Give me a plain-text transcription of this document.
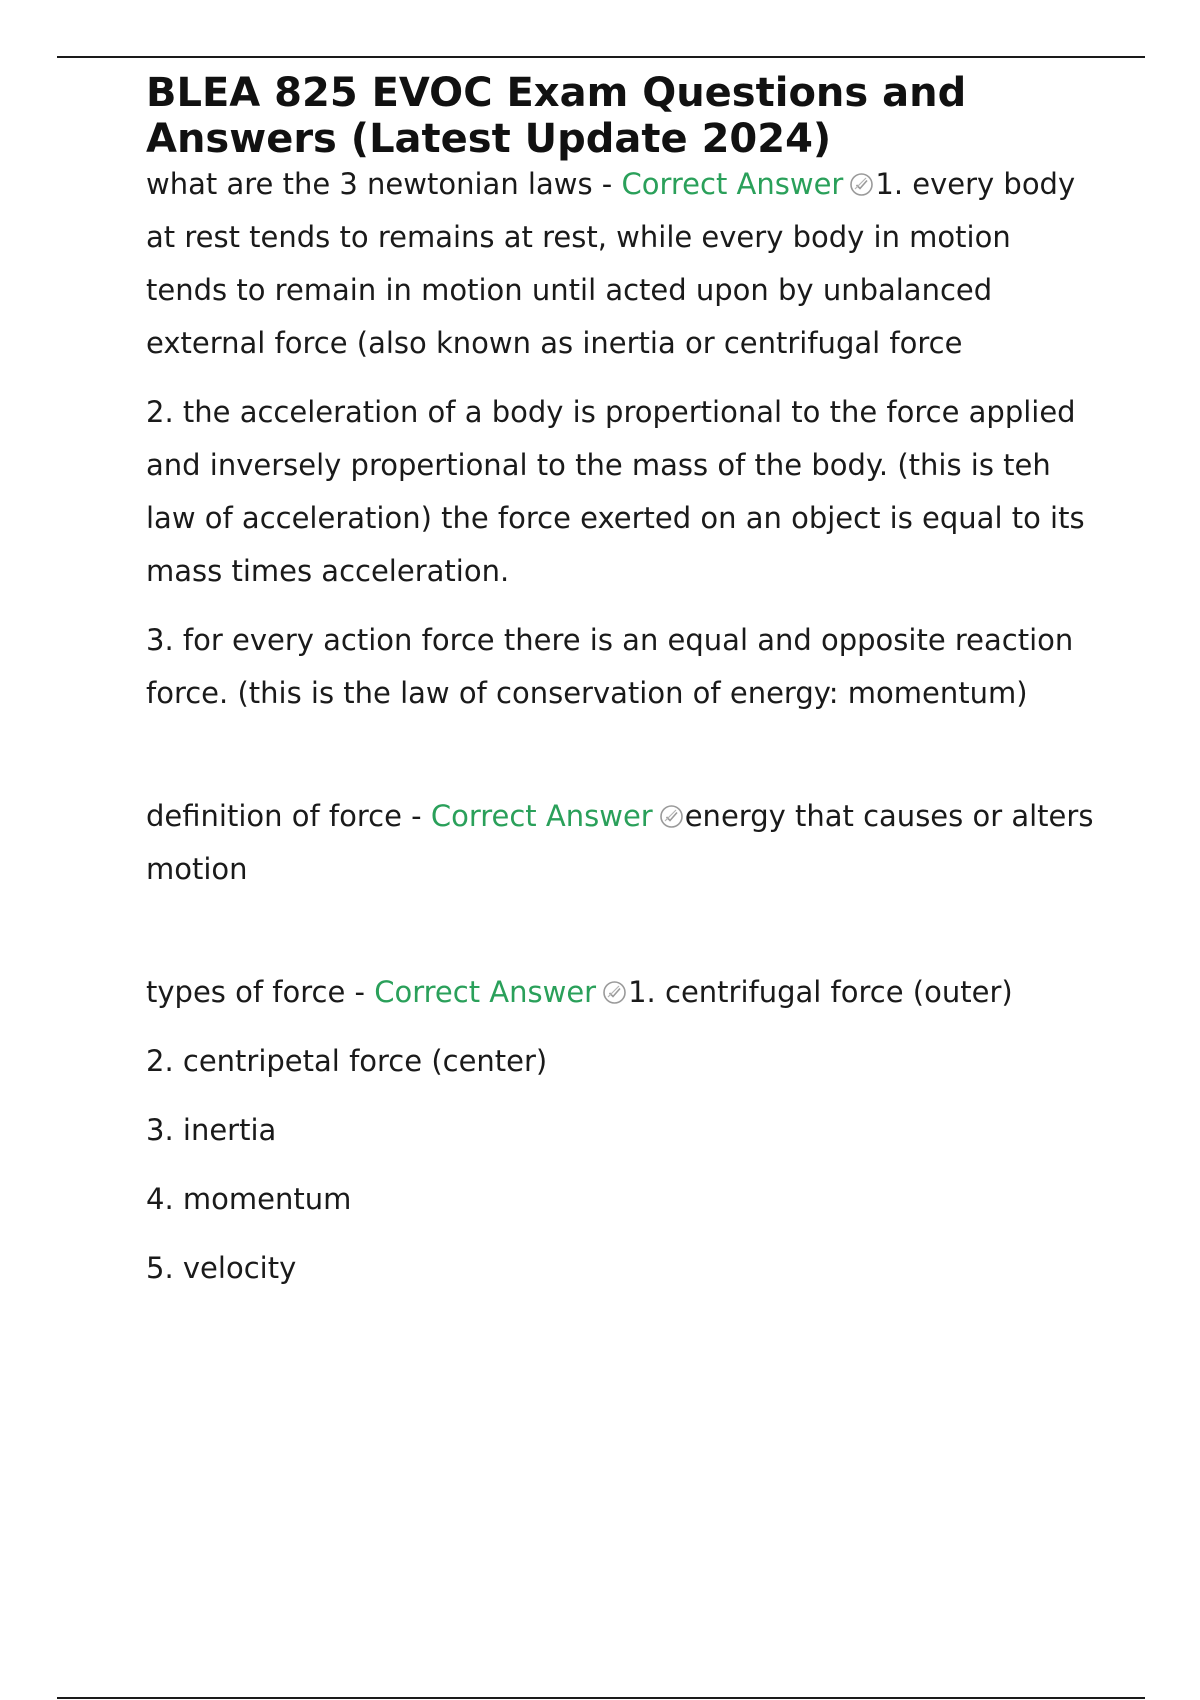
BLEA 825 EVOC Exam Questions and Answers (Latest Update 2024)

what are the 3 newtonian laws - Correct Answer 1. every body at rest tends to remains at rest, while every body in motion tends to remain in motion until acted upon by unbalanced external force (also known as inertia or centrifugal force

2. the acceleration of a body is propertional to the force applied and inversely propertional to the mass of the body. (this is teh law of acceleration) the force exerted on an object is equal to its mass times acceleration.

3. for every action force there is an equal and opposite reaction force. (this is the law of conservation of energy: momentum)

definition of force - Correct Answer energy that causes or alters motion

types of force - Correct Answer 1. centrifugal force (outer)

2. centripetal force (center)

3. inertia

4. momentum

5. velocity
